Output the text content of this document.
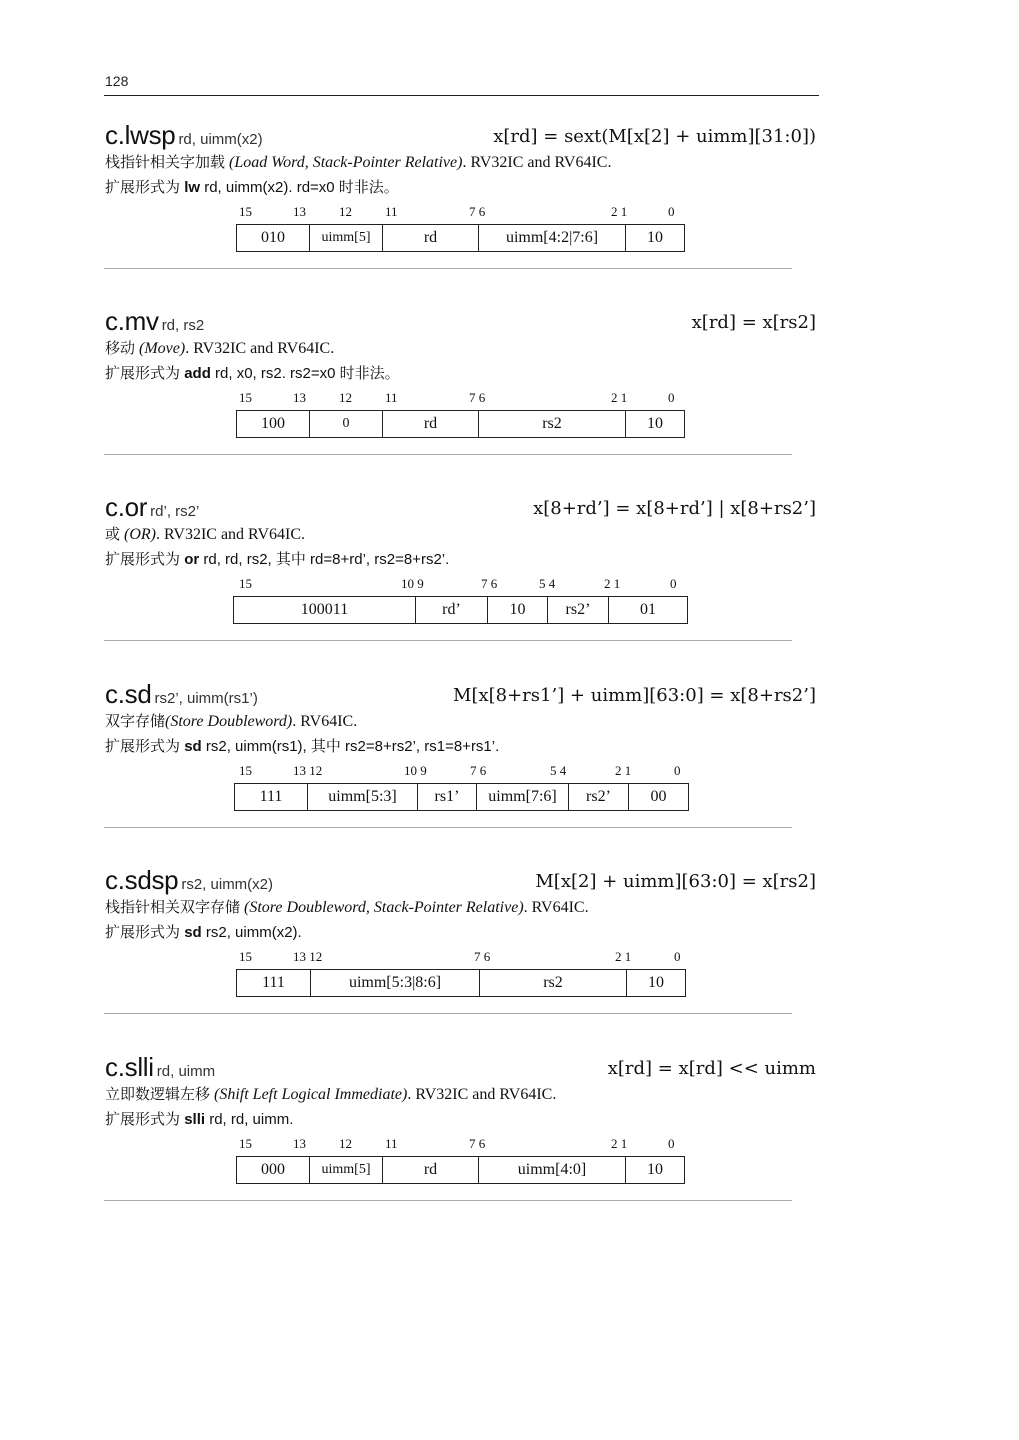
128
c.lwsp rd, uimm(x2)	x[rd] = sext(M[x[2] + uimm][31:0])
栈指针相关字加载 (Load Word, Stack-Pointer Relative). RV32IC and RV64IC.
扩展形式为 lw rd, uimm(x2). rd=x0 时非法。
15	13	12	11	7 6	2 1	0
010	uimm[5]	rd	uimm[4:2|7:6]	10
c.mv rd, rs2	x[rd] = x[rs2]
移动 (Move). RV32IC and RV64IC.
扩展形式为 add rd, x0, rs2. rs2=x0 时非法。
15	13	12	11	7 6	2 1	0
100	0	rd	rs2	10
c.or rd’, rs2’	x[8+rd’] = x[8+rd’] | x[8+rs2’]
或 (OR). RV32IC and RV64IC.
扩展形式为 or rd, rd, rs2, 其中 rd=8+rd’, rs2=8+rs2’.
15	10 9	7 6	5 4	2 1	0
100011	rd’	10	rs2’	01
c.sd rs2’, uimm(rs1’)	M[x[8+rs1’] + uimm][63:0] = x[8+rs2’]
双字存储(Store Doubleword). RV64IC.
扩展形式为 sd rs2, uimm(rs1), 其中 rs2=8+rs2’, rs1=8+rs1’.
15	13 12	10 9	7 6	5 4	2 1	0
111	uimm[5:3]	rs1’	uimm[7:6]	rs2’	00
c.sdsp rs2, uimm(x2)	M[x[2] + uimm][63:0] = x[rs2]
栈指针相关双字存储 (Store Doubleword, Stack-Pointer Relative). RV64IC.
扩展形式为 sd rs2, uimm(x2).
15	13 12	7 6	2 1	0
111	uimm[5:3|8:6]	rs2	10
c.slli rd, uimm	x[rd] = x[rd] << uimm
立即数逻辑左移 (Shift Left Logical Immediate). RV32IC and RV64IC.
扩展形式为 slli rd, rd, uimm.
15	13	12	11	7 6	2 1	0
000	uimm[5]	rd	uimm[4:0]	10
